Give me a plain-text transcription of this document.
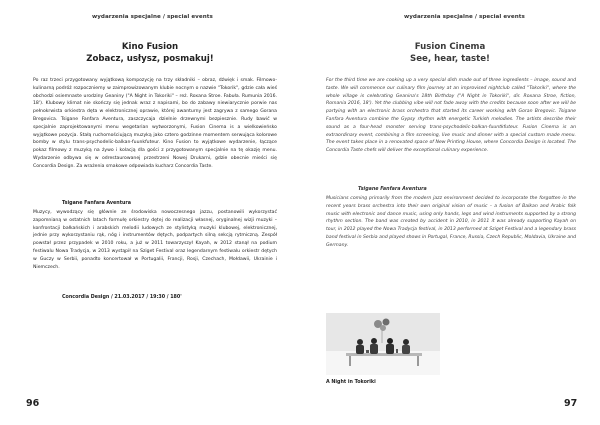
wydarzenia specjalne / special events
Kino Fusion
Zobacz, usłysz, posmakuj!

Po raz trzeci przygotowany wyjątkową kompozycję na trzy składniki – obraz, dźwięk i smak. Filmowo-kulinarną podróż rozpoczniemy w zaimprowizowanym klubie nocnym o nazwie "Tokorik", gdzie cała wieś obchodzi osiemnaste urodziny Geaniny ("A Night in Tokoriki" – reż. Roxana Stroe. Fabuła. Rumunia 2016. 18'). Klubowy klimat nie skończy się jednak wraz z napisami, bo do zabawy niewiarycznie porwie nas pełnokrwista orkiestra dęta w elektronicznej oprawie, której awanturny jest zagrywa z samego Gorana Bregovica. Tsigane Fanfara Aventura, zaszczycaja dzielnie drzewnymi bezpiesznie. Rudy bawić w specjalnie zaprojektowanymi menu wegetarian wytworzonymi, Fusion Cinema is a wielkowieńsko wyjątkowe pozycja. Stałą ruchomościującą muzyką jako cztero godzinne momentem serwująca kolorowe bomby w stylu trans-psychodelic-balkan-fuunkfuteur. Kino Fusion to wyjątkowe wydarzenie, łączące pokaz filmowy z muzyką na żywo i kolacją dla gości z przygotowanym specjalnie na tę okazję menu. Wydarzenie odbywa się w odrestaurowanej przestrzeni Nowej Drukarni, gdzie obecnie mieści się Concordia Design. Za wrażenia smakowe odpowiada kucharz Concordia Taste.

Tsigane Fanfara Aventura

Muzycy, wywodzący się głównie ze środowiska nowoczesnego jazzu, postanowili wykorzystać zapomnianą w ostatnich latach formułę orkiestry dętej do realizacji własnej, oryginalnej wizji muzyki – konfrontacji bałkańskich i arabskich melodii ludowych ze stylistyką muzyki klubowej, elektronicznej, jednie przy wykorzystaniu rąk, nóg i instrumentów dętych, podpartych silną sekcją rytmiczną. Zespół powstał przez przypadek w 2010 roku, a już w 2011 towarzyszył Kayah, w 2012 stanął na podium festiwalu Nowa Tradycja, w 2013 wystąpił na Sziget Festival oraz legendarnym festiwalu orkiestr dętych w Guczy w Serbii, ponadto koncertował w Portugalii, Francji, Rosji, Czechach, Mołdawii, Ukrainie i Niemczech.

Concordia Design / 21.03.2017 / 19:30 / 180'
96
wydarzenia specjalne / special events
Fusion Cinema
See, hear, taste!

For the third time we are cooking up a very special dish made out of three ingredients – image, sound and taste. We will commence our culinary film journey at an improvised nightclub called "Tokoriki", where the whole village is celebrating Geanina's 18th Birthday ("A Night in Tokoriki", dir. Roxana Stroe, fiction, Romania 2016, 18'). Yet the clubbing vibe will not fade away with the credits because soon after we will be partying with an electronic brass orchestra that started its career working with Goran Bregovic. Tsigane Fanfara Aventura combine the Gypsy rhythm with energetic Turkish melodies. The artists describe their sound as a four-head monster serving trans-psychodelic-balkan-fuuntkfuteur. Fusion Cinema is an extraordinary event, combining a film screening, live music and dinner with a special custom made menu. The event takes place in a renovated space of New Printing House, where Concordia Design is located. The Concordia Taste chefs will deliver the exceptional culinary experience.

Tsigane Fanfara Aventura

Musicians coming primarily from the modern jazz environment decided to incorporate the forgotten in the recent years brass orchestra into their own original vision of music – a fusion of Balkan and Arabic folk music with electronic and dance music, using only hands, legs and wind instruments supported by a strong rhythm section. The band was created by accident in 2010, in 2011 it was already supporting Kayah on tour, in 2012 played the Nowa Tradycja festival, in 2013 performed at Sziget Festival and a legendary brass band festival in Serbia and played shows in Portugal, France, Russia, Czech Republic, Moldavia, Ukraine and Germany.

A Night in Tokoriki
97
